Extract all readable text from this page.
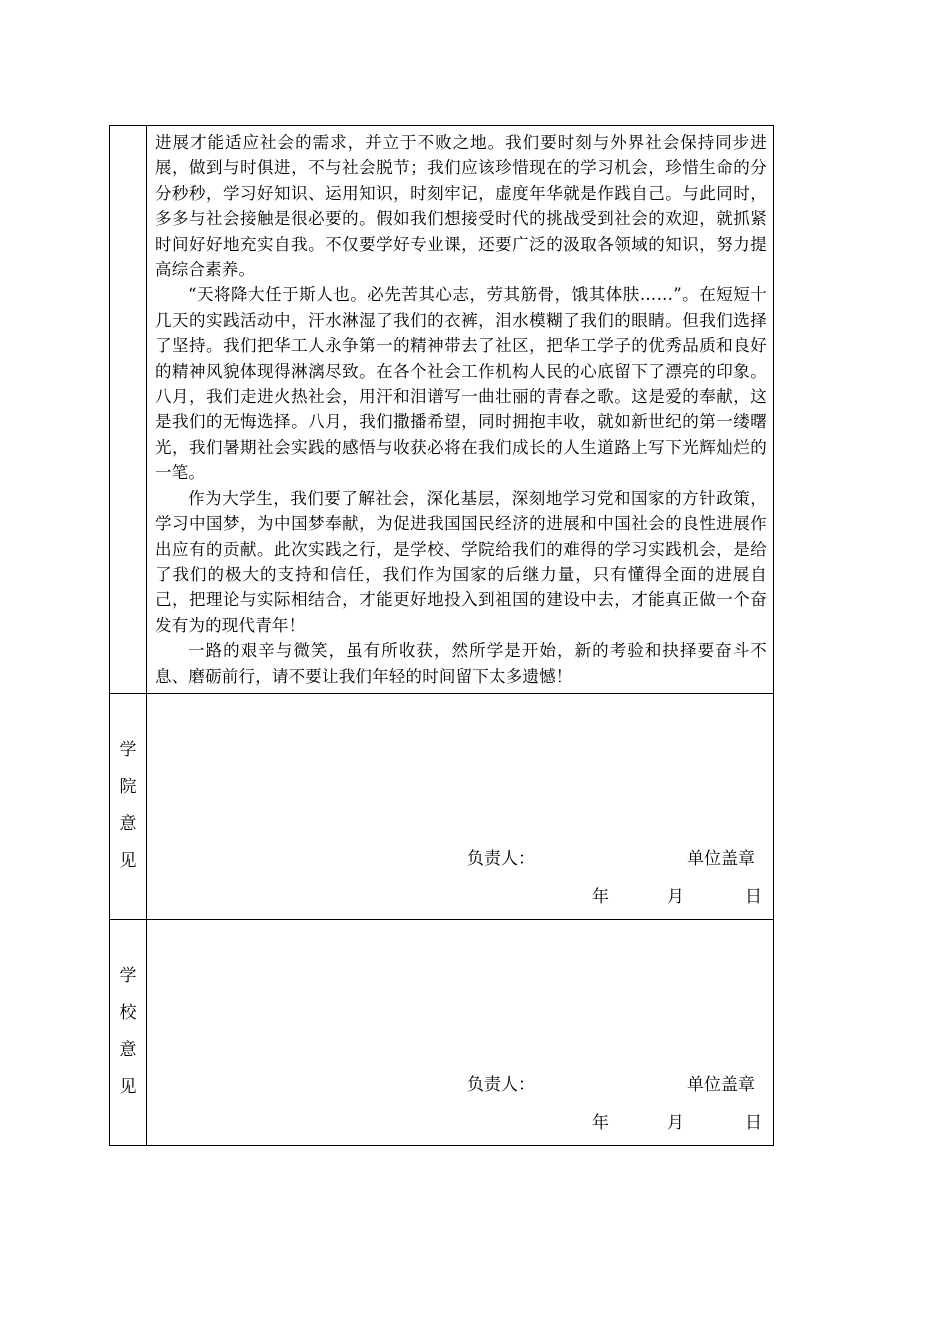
	进展才能适应社会的需求，并立于不败之地。我们要时刻与外界社会保持同步进展，做到与时俱进，不与社会脱节；我们应该珍惜现在的学习机会，珍惜生命的分分秒秒，学习好知识、运用知识，时刻牢记，虚度年华就是作践自己。与此同时，多多与社会接触是很必要的。假如我们想接受时代的挑战受到社会的欢迎，就抓紧时间好好地充实自我。不仅要学好专业课，还要广泛的汲取各领域的知识，努力提高综合素养。

“天将降大任于斯人也。必先苦其心志，劳其筋骨，饿其体肤……”。在短短十几天的实践活动中，汗水淋湿了我们的衣裤，泪水模糊了我们的眼睛。但我们选择了坚持。我们把华工人永争第一的精神带去了社区，把华工学子的优秀品质和良好的精神风貌体现得淋漓尽致。在各个社会工作机构人民的心底留下了漂亮的印象。八月，我们走进火热社会，用汗和泪谱写一曲壮丽的青春之歌。这是爱的奉献，这是我们的无悔选择。八月，我们撒播希望，同时拥抱丰收，就如新世纪的第一缕曙光，我们暑期社会实践的感悟与收获必将在我们成长的人生道路上写下光辉灿烂的一笔。

作为大学生，我们要了解社会，深化基层，深刻地学习党和国家的方针政策，学习中国梦，为中国梦奉献，为促进我国国民经济的进展和中国社会的良性进展作出应有的贡献。此次实践之行，是学校、学院给我们的难得的学习实践机会，是给了我们的极大的支持和信任，我们作为国家的后继力量，只有懂得全面的进展自己，把理论与实际相结合，才能更好地投入到祖国的建设中去，才能真正做一个奋发有为的现代青年！

一路的艰辛与微笑，虽有所收获，然所学是开始，新的考验和抉择要奋斗不息、磨砺前行，请不要让我们年轻的时间留下太多遗憾！

学
院
意
见	负责人： 单位盖章
年 月 日

学
校
意
见	负责人： 单位盖章
年 月 日
